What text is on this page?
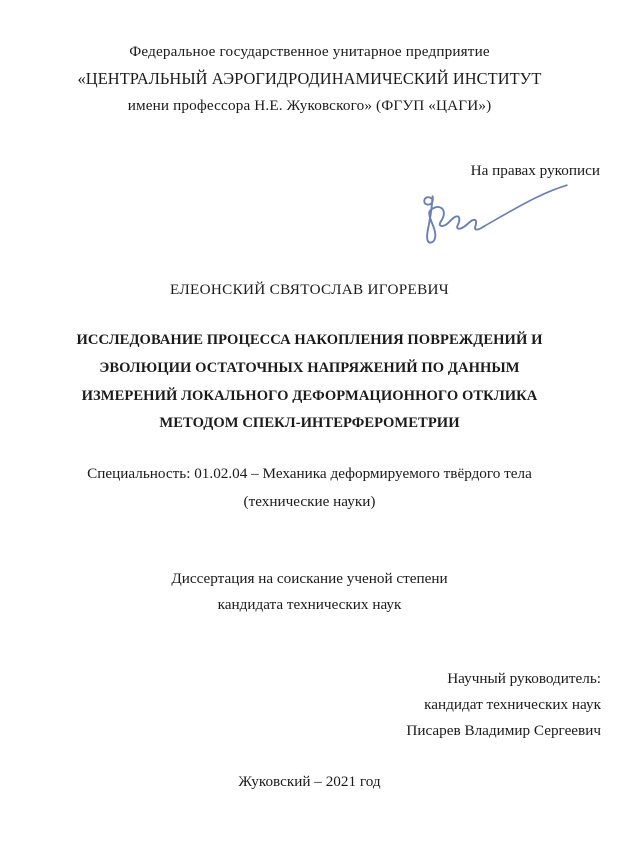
Федеральное государственное унитарное предприятие
«ЦЕНТРАЛЬНЫЙ АЭРОГИДРОДИНАМИЧЕСКИЙ ИНСТИТУТ
имени профессора Н.Е. Жуковского» (ФГУП «ЦАГИ»)
На правах рукописи
ЕЛЕОНСКИЙ СВЯТОСЛАВ ИГОРЕВИЧ
ИССЛЕДОВАНИЕ ПРОЦЕССА НАКОПЛЕНИЯ ПОВРЕЖДЕНИЙ И
ЭВОЛЮЦИИ ОСТАТОЧНЫХ НАПРЯЖЕНИЙ ПО ДАННЫМ
ИЗМЕРЕНИЙ ЛОКАЛЬНОГО ДЕФОРМАЦИОННОГО ОТКЛИКА
МЕТОДОМ СПЕКЛ-ИНТЕРФЕРОМЕТРИИ
Специальность: 01.02.04 – Механика деформируемого твёрдого тела
(технические науки)
Диссертация на соискание ученой степени
кандидата технических наук
Научный руководитель:
кандидат технических наук
Писарев Владимир Сергеевич
Жуковский – 2021 год
